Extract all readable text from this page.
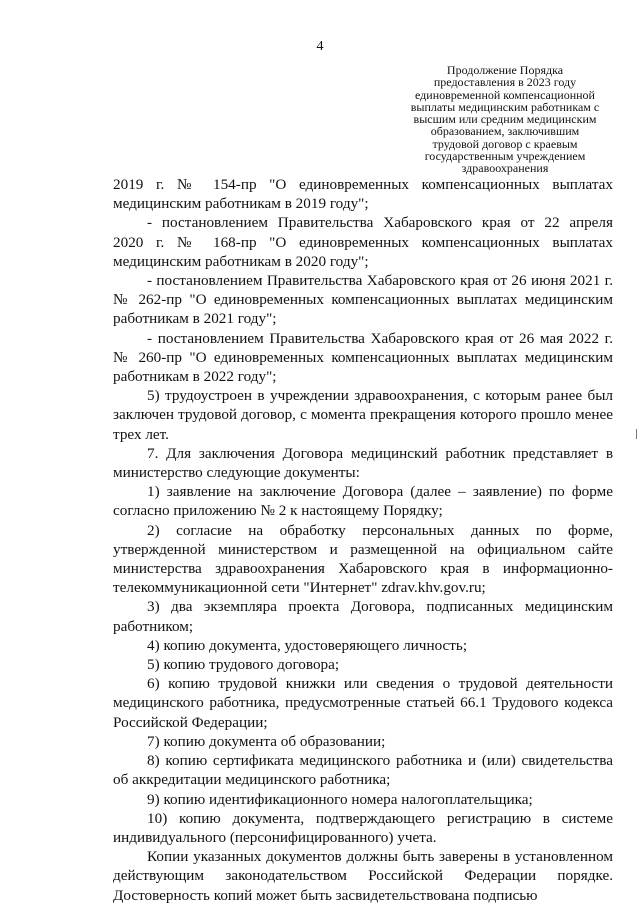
4
Продолжение Порядка
предоставления в 2023 году
единовременной компенсационной
выплаты медицинским работникам с
высшим или средним медицинским
образованием, заключившим
трудовой договор с краевым
государственным учреждением
здравоохранения
2019 г. № 154-пр "О единовременных компенсационных выплатах
медицинским работникам в 2019 году";
- постановлением Правительства Хабаровского края от 22 апреля
2020 г. № 168-пр "О единовременных компенсационных выплатах
медицинским работникам в 2020 году";

- постановлением Правительства Хабаровского края от 26 июня 2021 г. № 262-пр "О единовременных компенсационных выплатах медицинским работникам в 2021 году";

- постановлением Правительства Хабаровского края от 26 мая 2022 г. № 260-пр "О единовременных компенсационных выплатах медицинским работникам в 2022 году";

5) трудоустроен в учреждении здравоохранения, с которым ранее был заключен трудовой договор, с момента прекращения которого прошло менее трех лет.

7. Для заключения Договора медицинский работник представляет в министерство следующие документы:

1) заявление на заключение Договора (далее – заявление) по форме согласно приложению № 2 к настоящему Порядку;

2) согласие на обработку персональных данных по форме, утвержденной министерством и размещенной на официальном сайте министерства здравоохранения Хабаровского края в информационно-телекоммуникационной сети "Интернет" zdrav.khv.gov.ru;

3) два экземпляра проекта Договора, подписанных медицинским работником;

4) копию документа, удостоверяющего личность;

5) копию трудового договора;

6) копию трудовой книжки или сведения о трудовой деятельности медицинского работника, предусмотренные статьей 66.1 Трудового кодекса Российской Федерации;

7) копию документа об образовании;

8) копию сертификата медицинского работника и (или) свидетельства об аккредитации медицинского работника;

9) копию идентификационного номера налогоплательщика;

10) копию документа, подтверждающего регистрацию в системе индивидуального (персонифицированного) учета.

Копии указанных документов должны быть заверены в установленном действующим законодательством Российской Федерации порядке. Достоверность копий может быть засвидетельствована подписью
